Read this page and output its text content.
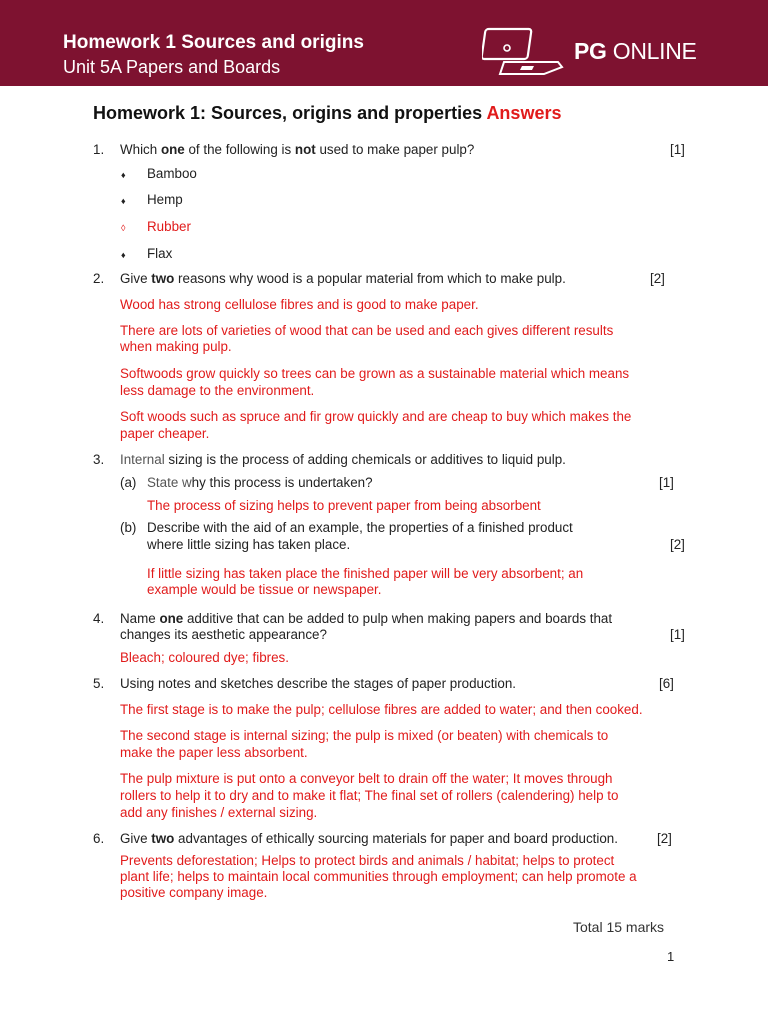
Homework 1 Sources and origins
Unit 5A Papers and Boards
PG ONLINE
Homework 1: Sources, origins and properties Answers
1. Which one of the following is not used to make paper pulp?	[1]
♦ Bamboo
♦ Hemp
◊ Rubber
♦ Flax
2. Give two reasons why wood is a popular material from which to make pulp.	[2]
Wood has strong cellulose fibres and is good to make paper.
There are lots of varieties of wood that can be used and each gives different results
when making pulp.
Softwoods grow quickly so trees can be grown as a sustainable material which means
less damage to the environment.
Soft woods such as spruce and fir grow quickly and are cheap to buy which makes the
paper cheaper.
3. Internal sizing is the process of adding chemicals or additives to liquid pulp.
(a) State why this process is undertaken?	[1]
The process of sizing helps to prevent paper from being absorbent
(b) Describe with the aid of an example, the properties of a finished product
where little sizing has taken place.	[2]
If little sizing has taken place the finished paper will be very absorbent; an
example would be tissue or newspaper.
4. Name one additive that can be added to pulp when making papers and boards that
changes its aesthetic appearance?	[1]
Bleach; coloured dye; fibres.
5. Using notes and sketches describe the stages of paper production.	[6]
The first stage is to make the pulp; cellulose fibres are added to water; and then cooked.
The second stage is internal sizing; the pulp is mixed (or beaten) with chemicals to
make the paper less absorbent.
The pulp mixture is put onto a conveyor belt to drain off the water; It moves through
rollers to help it to dry and to make it flat; The final set of rollers (calendering) help to
add any finishes / external sizing.
6. Give two advantages of ethically sourcing materials for paper and board production.	[2]
Prevents deforestation; Helps to protect birds and animals / habitat; helps to protect
plant life; helps to maintain local communities through employment; can help promote a
positive company image.
Total 15 marks
1
